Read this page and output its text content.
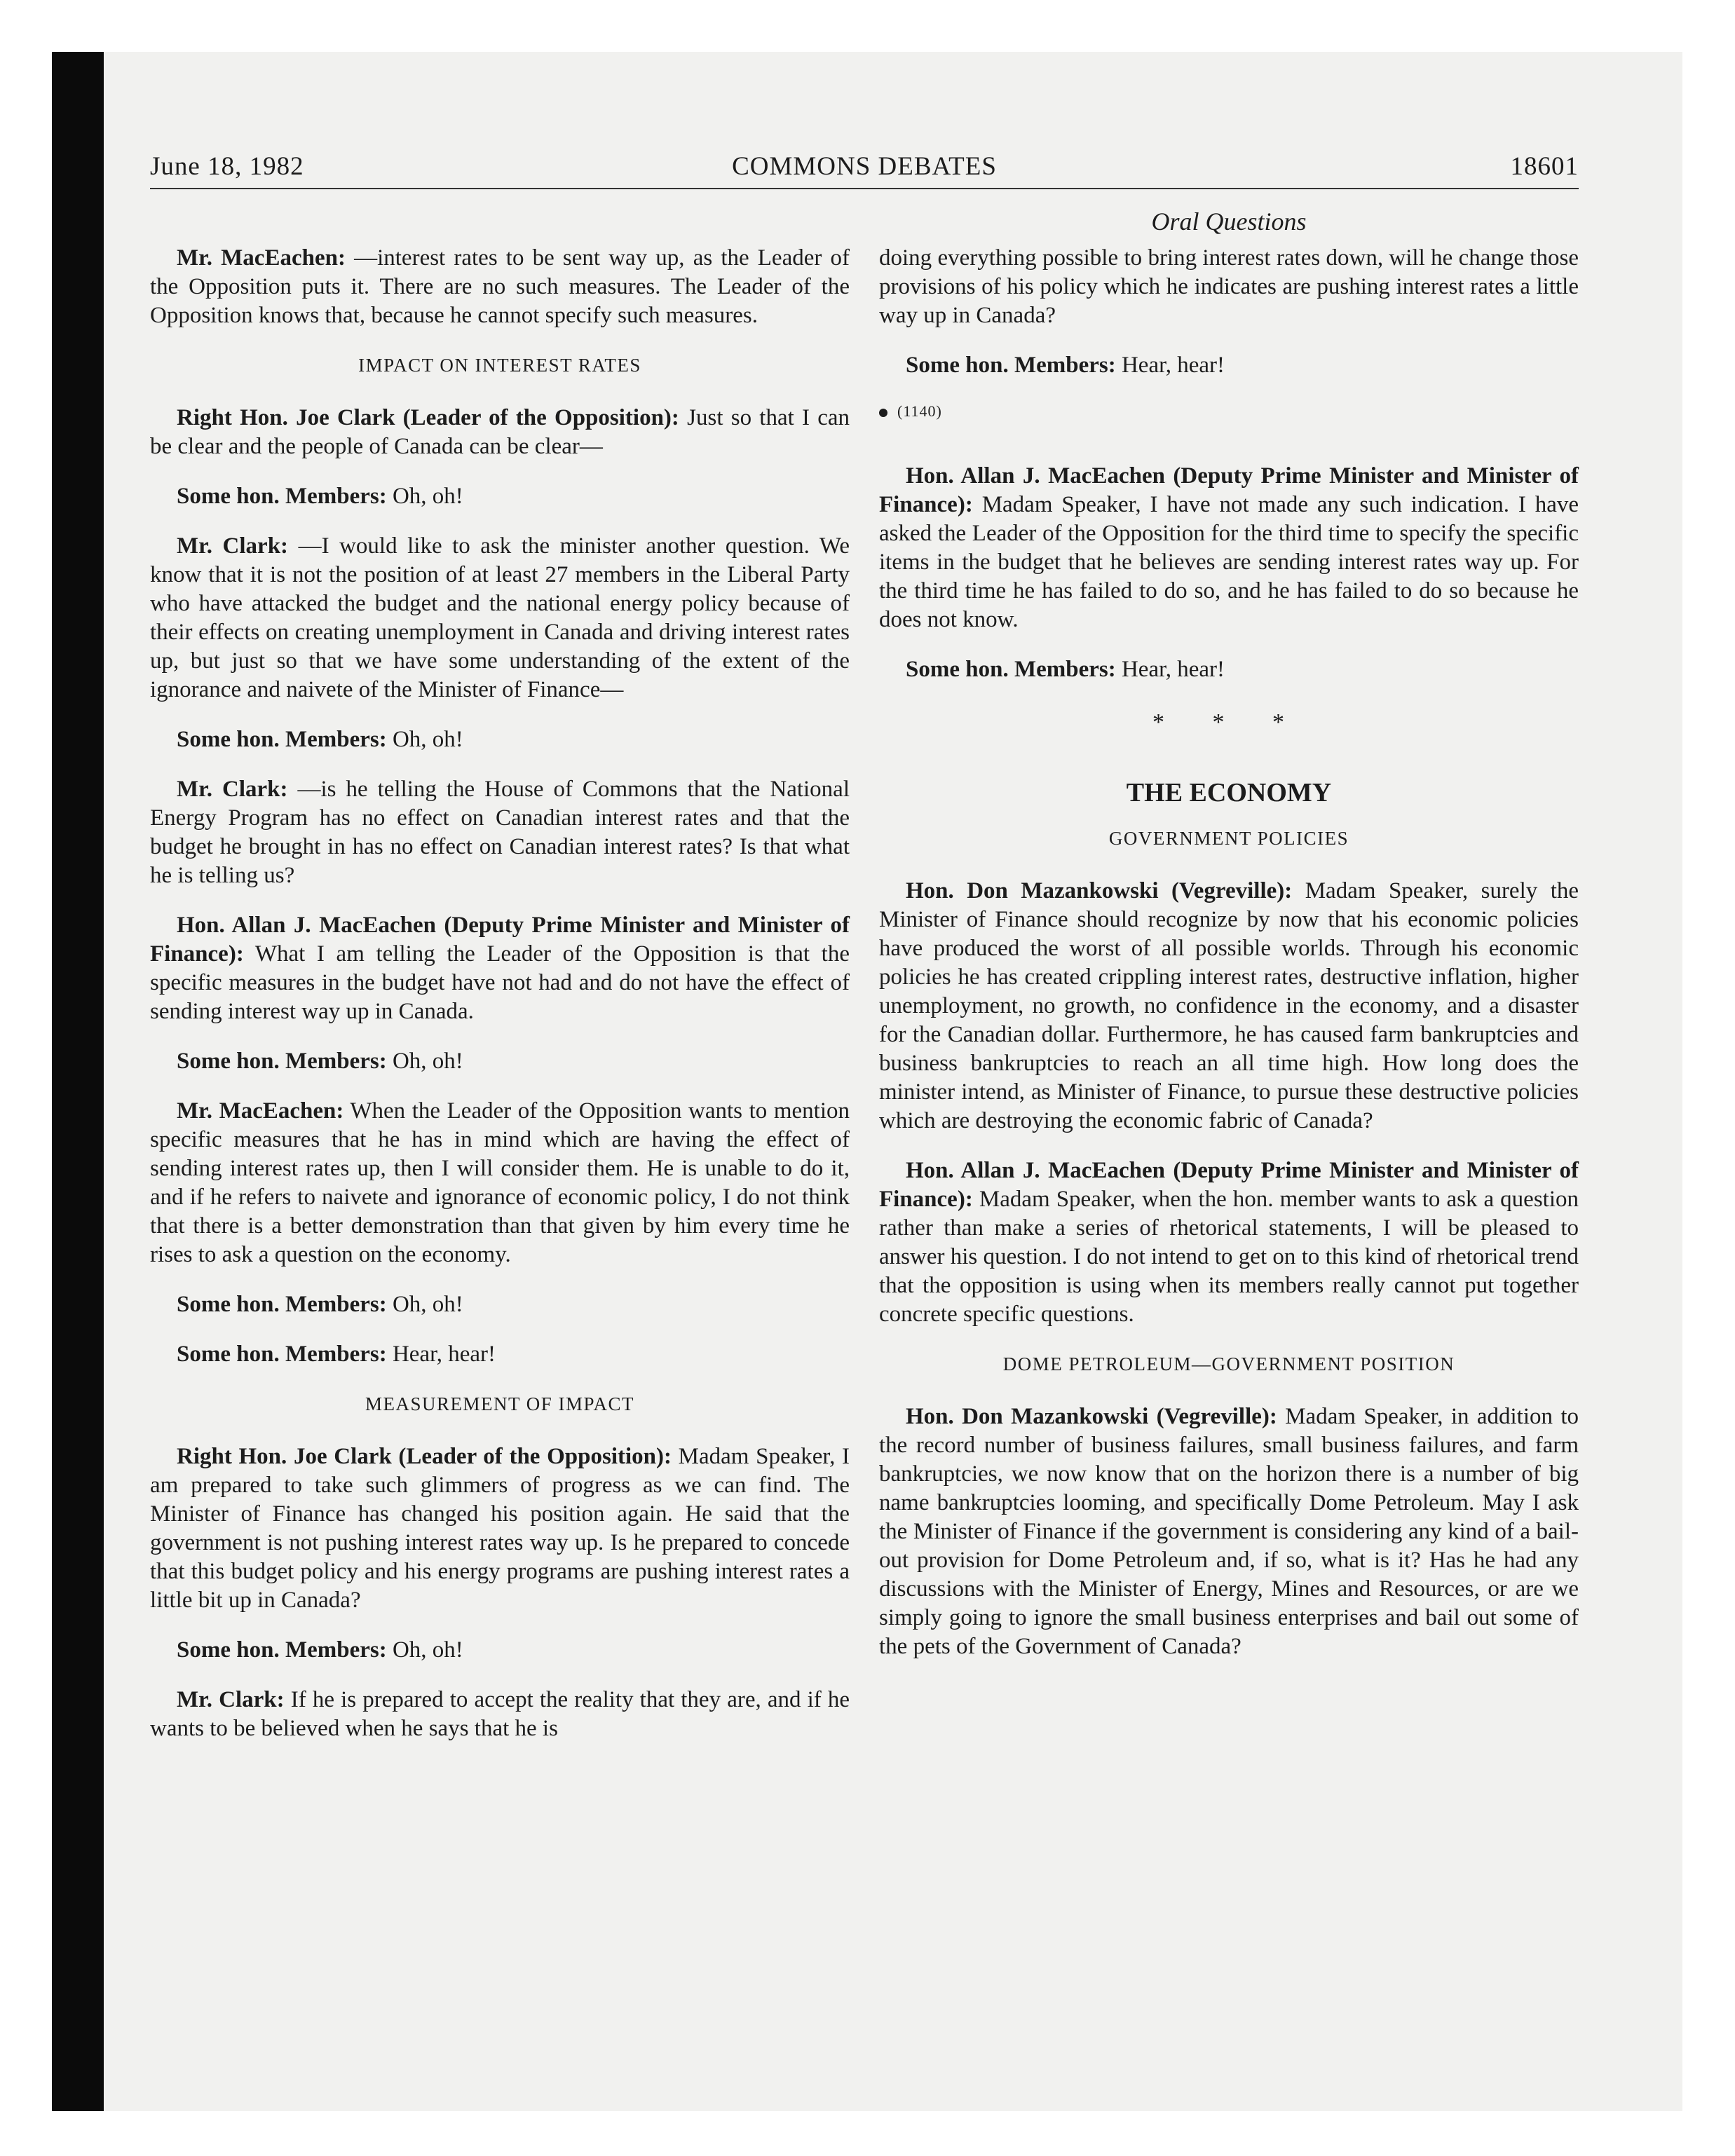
June 18, 1982	COMMONS DEBATES	18601

Mr. MacEachen: —interest rates to be sent way up, as the Leader of the Opposition puts it. There are no such measures. The Leader of the Opposition knows that, because he cannot specify such measures.

IMPACT ON INTEREST RATES

Right Hon. Joe Clark (Leader of the Opposition): Just so that I can be clear and the people of Canada can be clear—

Some hon. Members: Oh, oh!

Mr. Clark: —I would like to ask the minister another question. We know that it is not the position of at least 27 members in the Liberal Party who have attacked the budget and the national energy policy because of their effects on creating unemployment in Canada and driving interest rates up, but just so that we have some understanding of the extent of the ignorance and naivete of the Minister of Finance—

Some hon. Members: Oh, oh!

Mr. Clark: —is he telling the House of Commons that the National Energy Program has no effect on Canadian interest rates and that the budget he brought in has no effect on Canadian interest rates? Is that what he is telling us?

Hon. Allan J. MacEachen (Deputy Prime Minister and Minister of Finance): What I am telling the Leader of the Opposition is that the specific measures in the budget have not had and do not have the effect of sending interest way up in Canada.

Some hon. Members: Oh, oh!

Mr. MacEachen: When the Leader of the Opposition wants to mention specific measures that he has in mind which are having the effect of sending interest rates up, then I will consider them. He is unable to do it, and if he refers to naivete and ignorance of economic policy, I do not think that there is a better demonstration than that given by him every time he rises to ask a question on the economy.

Some hon. Members: Oh, oh!

Some hon. Members: Hear, hear!

MEASUREMENT OF IMPACT

Right Hon. Joe Clark (Leader of the Opposition): Madam Speaker, I am prepared to take such glimmers of progress as we can find. The Minister of Finance has changed his position again. He said that the government is not pushing interest rates way up. Is he prepared to concede that this budget policy and his energy programs are pushing interest rates a little bit up in Canada?

Some hon. Members: Oh, oh!

Mr. Clark: If he is prepared to accept the reality that they are, and if he wants to be believed when he says that he is

Oral Questions

doing everything possible to bring interest rates down, will he change those provisions of his policy which he indicates are pushing interest rates a little way up in Canada?

Some hon. Members: Hear, hear!

(1140)

Hon. Allan J. MacEachen (Deputy Prime Minister and Minister of Finance): Madam Speaker, I have not made any such indication. I have asked the Leader of the Opposition for the third time to specify the specific items in the budget that he believes are sending interest rates way up. For the third time he has failed to do so, and he has failed to do so because he does not know.

Some hon. Members: Hear, hear!

* * *

THE ECONOMY

GOVERNMENT POLICIES

Hon. Don Mazankowski (Vegreville): Madam Speaker, surely the Minister of Finance should recognize by now that his economic policies have produced the worst of all possible worlds. Through his economic policies he has created crippling interest rates, destructive inflation, higher unemployment, no growth, no confidence in the economy, and a disaster for the Canadian dollar. Furthermore, he has caused farm bankruptcies and business bankruptcies to reach an all time high. How long does the minister intend, as Minister of Finance, to pursue these destructive policies which are destroying the economic fabric of Canada?

Hon. Allan J. MacEachen (Deputy Prime Minister and Minister of Finance): Madam Speaker, when the hon. member wants to ask a question rather than make a series of rhetorical statements, I will be pleased to answer his question. I do not intend to get on to this kind of rhetorical trend that the opposition is using when its members really cannot put together concrete specific questions.

DOME PETROLEUM—GOVERNMENT POSITION

Hon. Don Mazankowski (Vegreville): Madam Speaker, in addition to the record number of business failures, small business failures, and farm bankruptcies, we now know that on the horizon there is a number of big name bankruptcies looming, and specifically Dome Petroleum. May I ask the Minister of Finance if the government is considering any kind of a bail-out provision for Dome Petroleum and, if so, what is it? Has he had any discussions with the Minister of Energy, Mines and Resources, or are we simply going to ignore the small business enterprises and bail out some of the pets of the Government of Canada?
